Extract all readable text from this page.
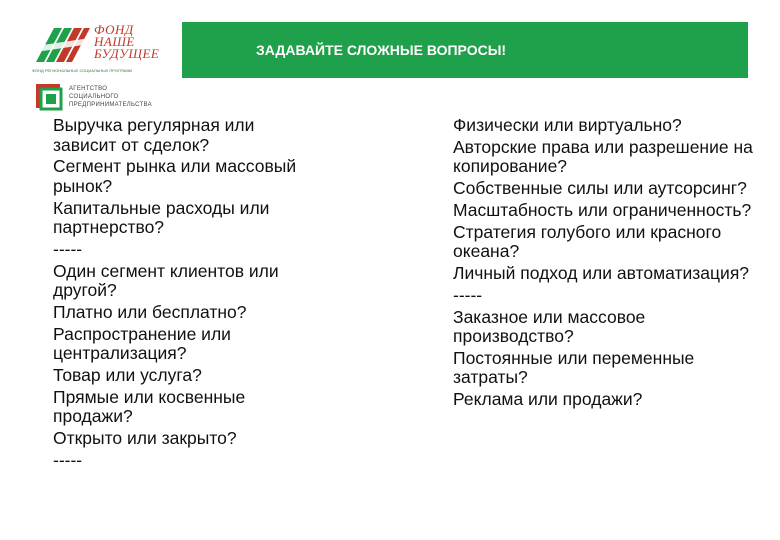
ФОНД
НАШЕ
БУДУЩЕЕ
ФОНД РЕГИОНАЛЬНЫХ СОЦИАЛЬНЫХ ПРОГРАММ
АГЕНТСТВО
СОЦИАЛЬНОГО
ПРЕДПРИНИМАТЕЛЬСТВА
ЗАДАВАЙТЕ СЛОЖНЫЕ ВОПРОСЫ!
Выручка регулярная или зависит от сделок?
Сегмент рынка или массовый рынок?
Капитальные расходы или партнерство?
-----
Один сегмент клиентов или другой?
Платно или бесплатно?
Распространение или централизация?
Товар или услуга?
Прямые или косвенные продажи?
Открыто или закрыто?
-----
Физически или виртуально?
Авторские права или разрешение на копирование?
Собственные силы или аутсорсинг?
Масштабность или ограниченность?
Стратегия голубого или красного океана?
Личный подход или автоматизация?
-----
Заказное или массовое производство?
Постоянные или переменные затраты?
Реклама или продажи?
